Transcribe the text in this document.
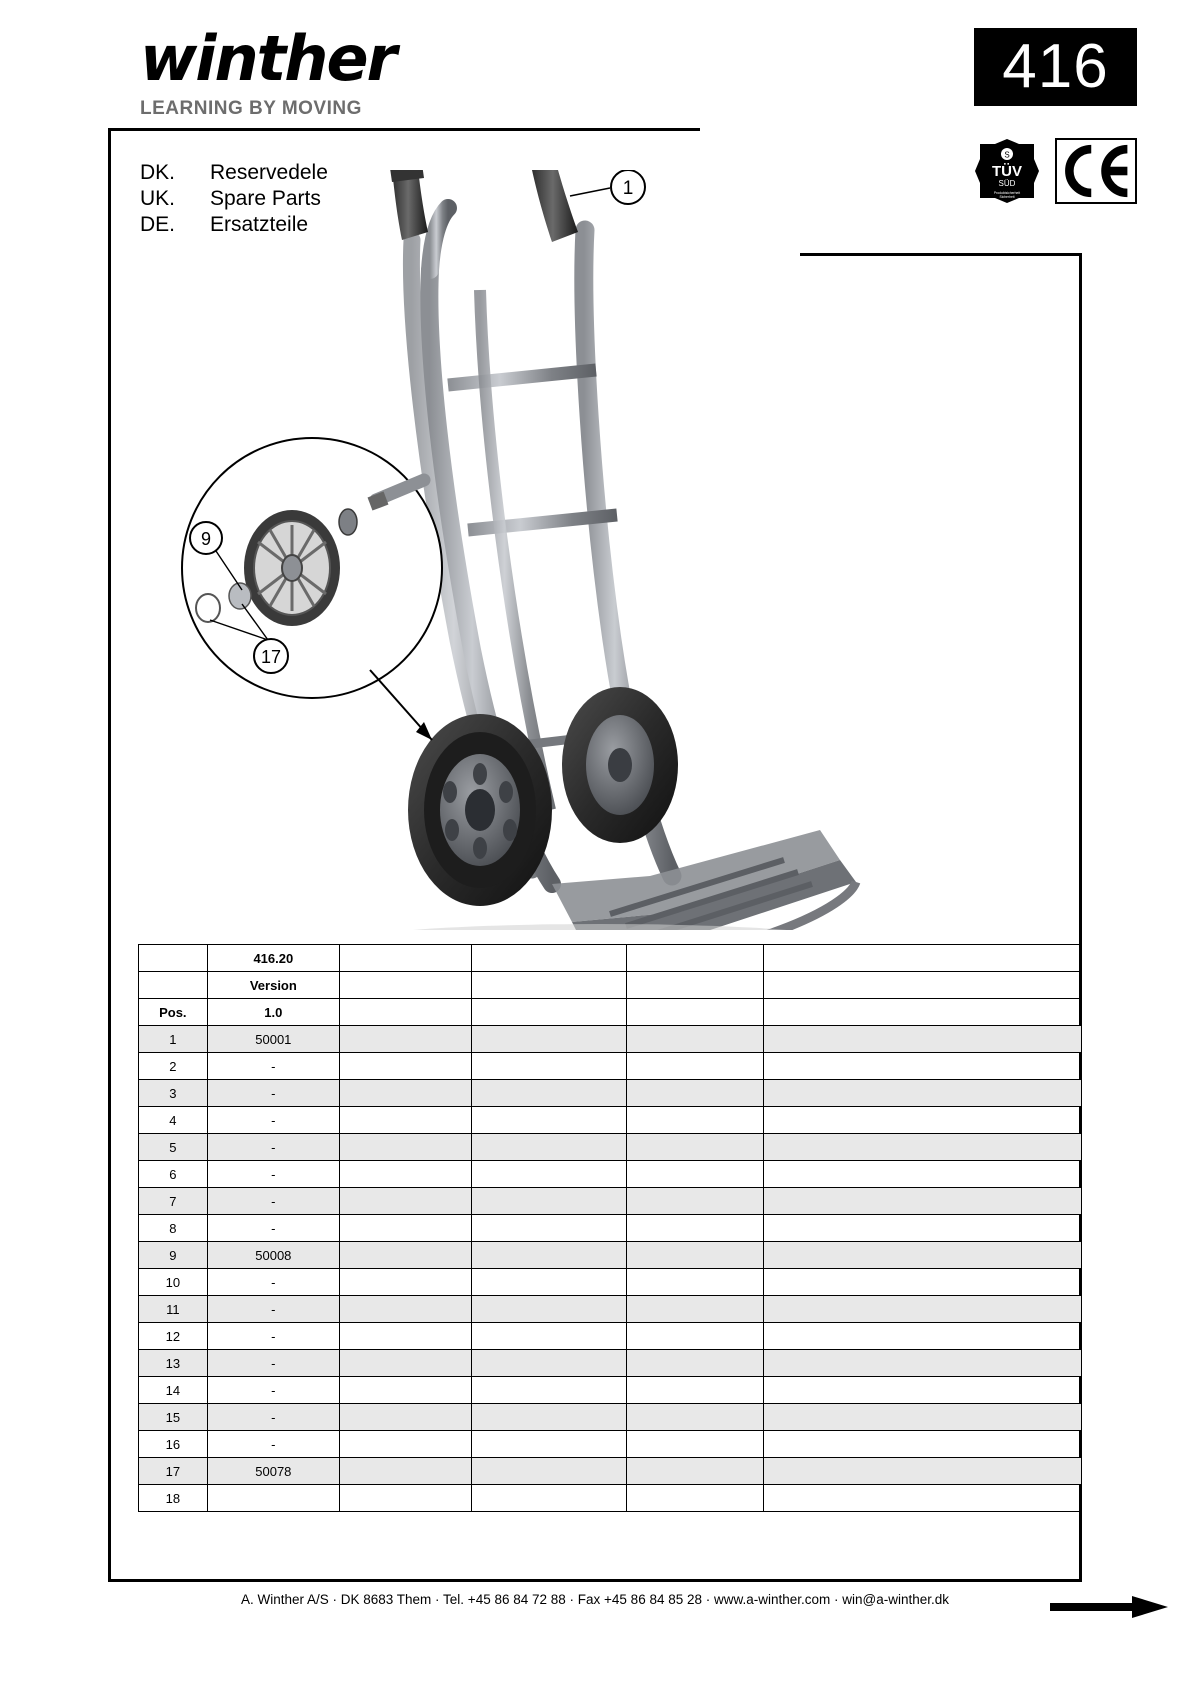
winther
LEARNING BY MOVING
416
S
TÜV
SÜD
Produktsicherheit
Sicherheit
DK.	Reservedele
UK.	Spare Parts
DE.	Ersatzteile
9
17
1
	416.20				
	Version				
Pos.	1.0				
1	50001				
2	-				
3	-				
4	-				
5	-				
6	-				
7	-				
8	-				
9	50008				
10	-				
11	-				
12	-				
13	-				
14	-				
15	-				
16	-				
17	50078				
18					
A. Winther A/S · DK 8683 Them · Tel. +45 86 84 72 88 · Fax +45 86 84 85 28 · www.a-winther.com · win@a-winther.dk
